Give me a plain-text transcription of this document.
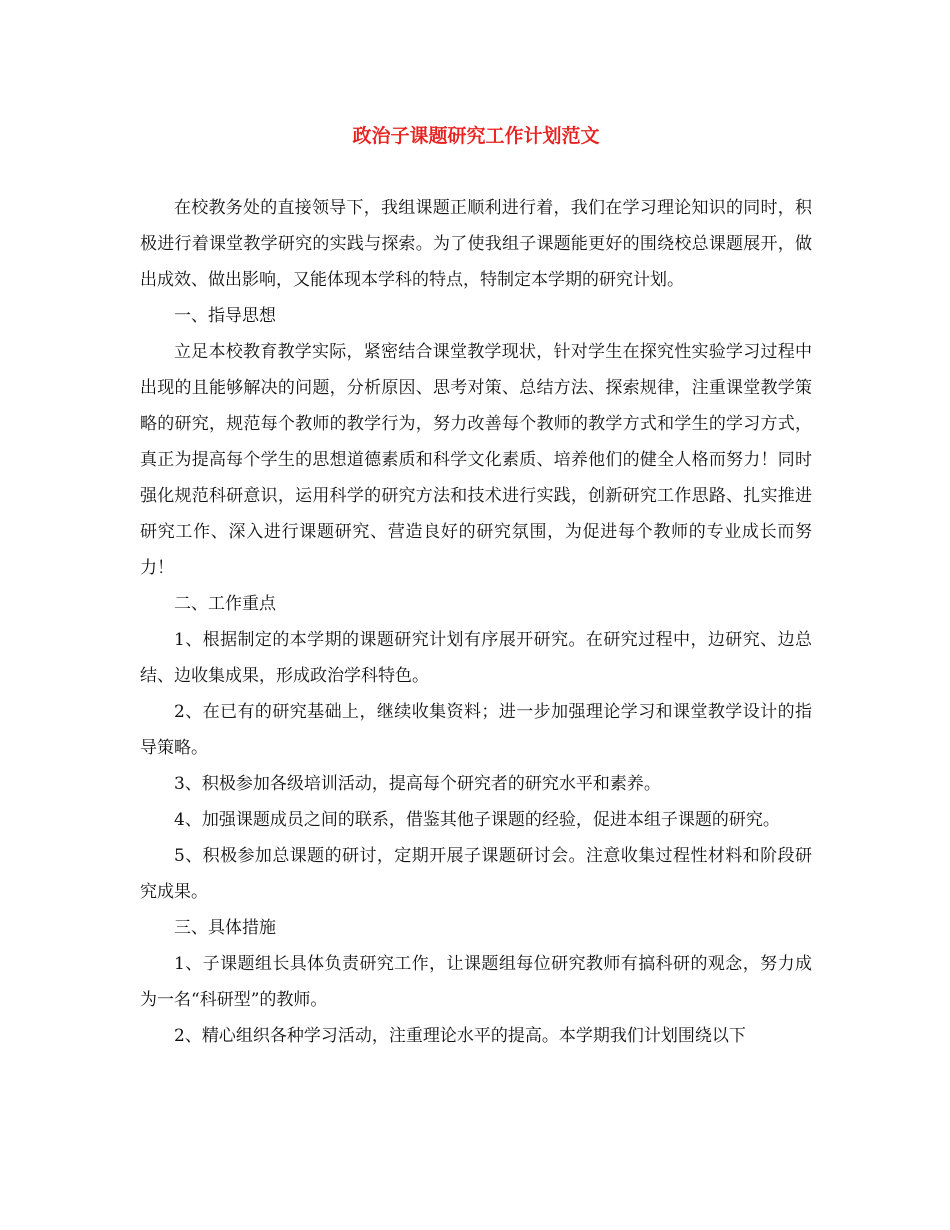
政治子课题研究工作计划范文

在校教务处的直接领导下，我组课题正顺利进行着，我们在学习理论知识的同时，积极进行着课堂教学研究的实践与探索。为了使我组子课题能更好的围绕校总课题展开，做出成效、做出影响，又能体现本学科的特点，特制定本学期的研究计划。

一、指导思想

立足本校教育教学实际，紧密结合课堂教学现状，针对学生在探究性实验学习过程中出现的且能够解决的问题，分析原因、思考对策、总结方法、探索规律，注重课堂教学策略的研究，规范每个教师的教学行为，努力改善每个教师的教学方式和学生的学习方式，真正为提高每个学生的思想道德素质和科学文化素质、培养他们的健全人格而努力！同时强化规范科研意识，运用科学的研究方法和技术进行实践，创新研究工作思路、扎实推进研究工作、深入进行课题研究、营造良好的研究氛围，为促进每个教师的专业成长而努力！

二、工作重点

1、根据制定的本学期的课题研究计划有序展开研究。在研究过程中，边研究、边总结、边收集成果，形成政治学科特色。

2、在已有的研究基础上，继续收集资料；进一步加强理论学习和课堂教学设计的指导策略。

3、积极参加各级培训活动，提高每个研究者的研究水平和素养。

4、加强课题成员之间的联系，借鉴其他子课题的经验，促进本组子课题的研究。

5、积极参加总课题的研讨，定期开展子课题研讨会。注意收集过程性材料和阶段研究成果。

三、具体措施

1、子课题组长具体负责研究工作，让课题组每位研究教师有搞科研的观念，努力成为一名“科研型”的教师。

2、精心组织各种学习活动，注重理论水平的提高。本学期我们计划围绕以下
